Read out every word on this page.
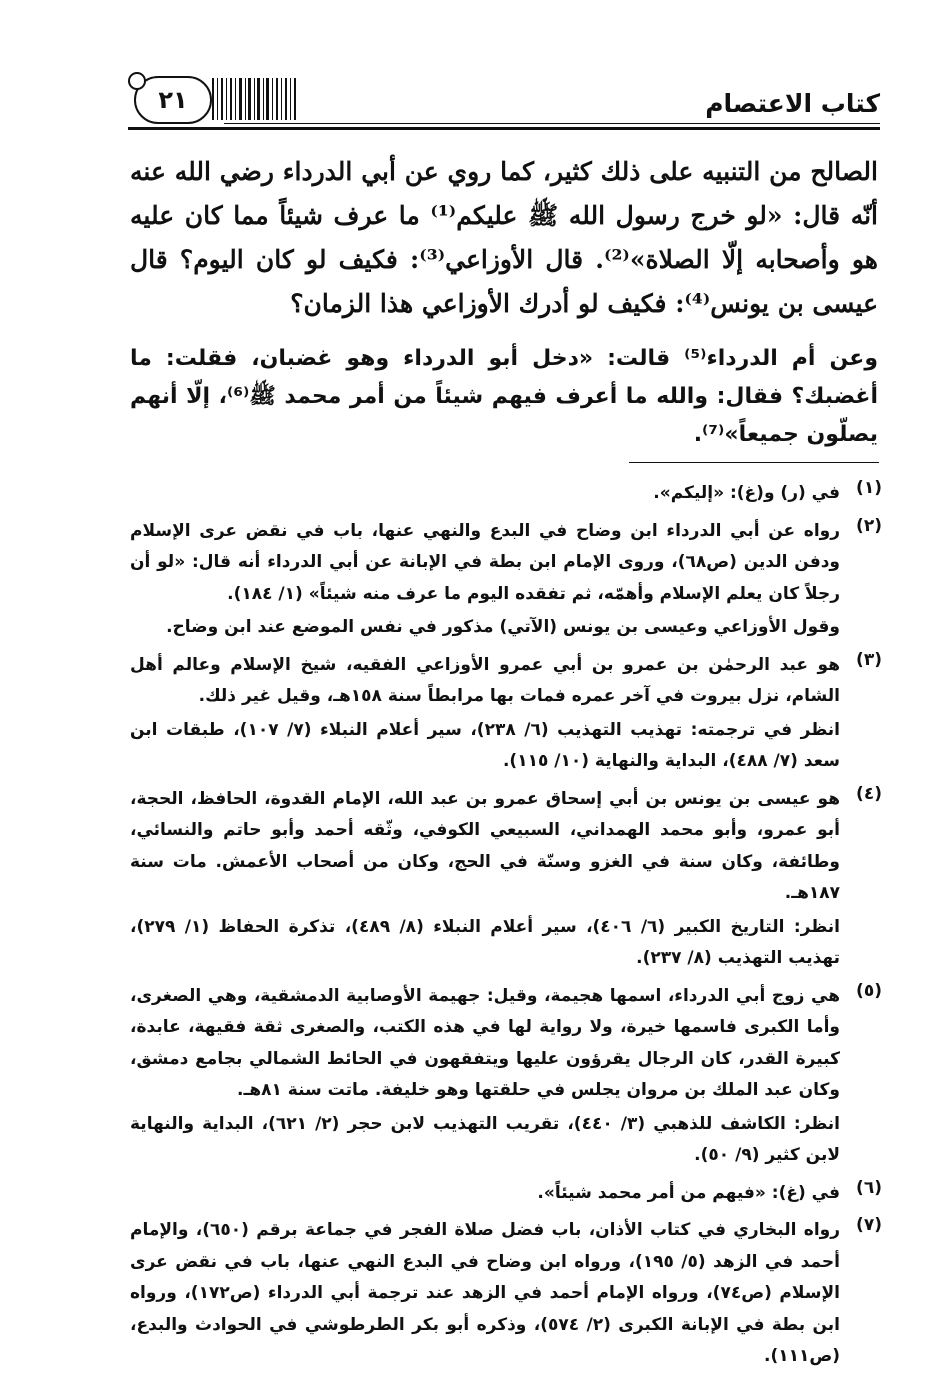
كتاب الاعتصام
٢١

الصالح من التنبيه على ذلك كثير، كما روي عن أبي الدرداء رضي الله عنه أنّه قال: «لو خرج رسول الله ﷺ عليكم⁽¹⁾ ما عرف شيئاً مما كان عليه هو وأصحابه إلّا الصلاة»⁽²⁾. قال الأوزاعي⁽³⁾: فكيف لو كان اليوم؟ قال عيسى بن يونس⁽⁴⁾: فكيف لو أدرك الأوزاعي هذا الزمان؟

وعن أم الدرداء⁽⁵⁾ قالت: «دخل أبو الدرداء وهو غضبان، فقلت: ما أغضبك؟ فقال: والله ما أعرف فيهم شيئاً من أمر محمد ﷺ⁽⁶⁾، إلّا أنهم يصلّون جميعاً»⁽⁷⁾.

(١)
في (ر) و(غ): «إليكم».
(٢)
رواه عن أبي الدرداء ابن وضاح في البدع والنهي عنها، باب في نقض عرى الإسلام ودفن الدين (ص٦٨)، وروى الإمام ابن بطة في الإبانة عن أبي الدرداء أنه قال: «لو أن رجلاً كان يعلم الإسلام وأهمّه، ثم تفقده اليوم ما عرف منه شيئاً» (١/ ١٨٤).
وقول الأوزاعي وعيسى بن يونس (الآتي) مذكور في نفس الموضع عند ابن وضاح.
(٣)
هو عبد الرحمٰن بن عمرو بن أبي عمرو الأوزاعي الفقيه، شيخ الإسلام وعالم أهل الشام، نزل بيروت في آخر عمره فمات بها مرابطاً سنة ١٥٨هـ، وقيل غير ذلك.
انظر في ترجمته: تهذيب التهذيب (٦/ ٢٣٨)، سير أعلام النبلاء (٧/ ١٠٧)، طبقات ابن سعد (٧/ ٤٨٨)، البداية والنهاية (١٠/ ١١٥).
(٤)
هو عيسى بن يونس بن أبي إسحاق عمرو بن عبد الله، الإمام القدوة، الحافظ، الحجة، أبو عمرو، وأبو محمد الهمداني، السبيعي الكوفي، وثّقه أحمد وأبو حاتم والنسائي، وطائفة، وكان سنة في الغزو وسنّة في الحج، وكان من أصحاب الأعمش. مات سنة ١٨٧هـ.
انظر: التاريخ الكبير (٦/ ٤٠٦)، سير أعلام النبلاء (٨/ ٤٨٩)، تذكرة الحفاظ (١/ ٢٧٩)، تهذيب التهذيب (٨/ ٢٣٧).
(٥)
هي زوج أبي الدرداء، اسمها هجيمة، وقيل: جهيمة الأوصابية الدمشقية، وهي الصغرى، وأما الكبرى فاسمها خيرة، ولا رواية لها في هذه الكتب، والصغرى ثقة فقيهة، عابدة، كبيرة القدر، كان الرجال يقرؤون عليها ويتفقهون في الحائط الشمالي بجامع دمشق، وكان عبد الملك بن مروان يجلس في حلقتها وهو خليفة. ماتت سنة ٨١هـ.
انظر: الكاشف للذهبي (٣/ ٤٤٠)، تقريب التهذيب لابن حجر (٢/ ٦٢١)، البداية والنهاية لابن كثير (٩/ ٥٠).
(٦)
في (غ): «فيهم من أمر محمد شيئاً».
(٧)
رواه البخاري في كتاب الأذان، باب فضل صلاة الفجر في جماعة برقم (٦٥٠)، والإمام أحمد في الزهد (٥/ ١٩٥)، ورواه ابن وضاح في البدع النهي عنها، باب في نقض عرى الإسلام (ص٧٤)، ورواه الإمام أحمد في الزهد عند ترجمة أبي الدرداء (ص١٧٢)، ورواه ابن بطة في الإبانة الكبرى (٢/ ٥٧٤)، وذكره أبو بكر الطرطوشي في الحوادث والبدع، (ص١١١).
